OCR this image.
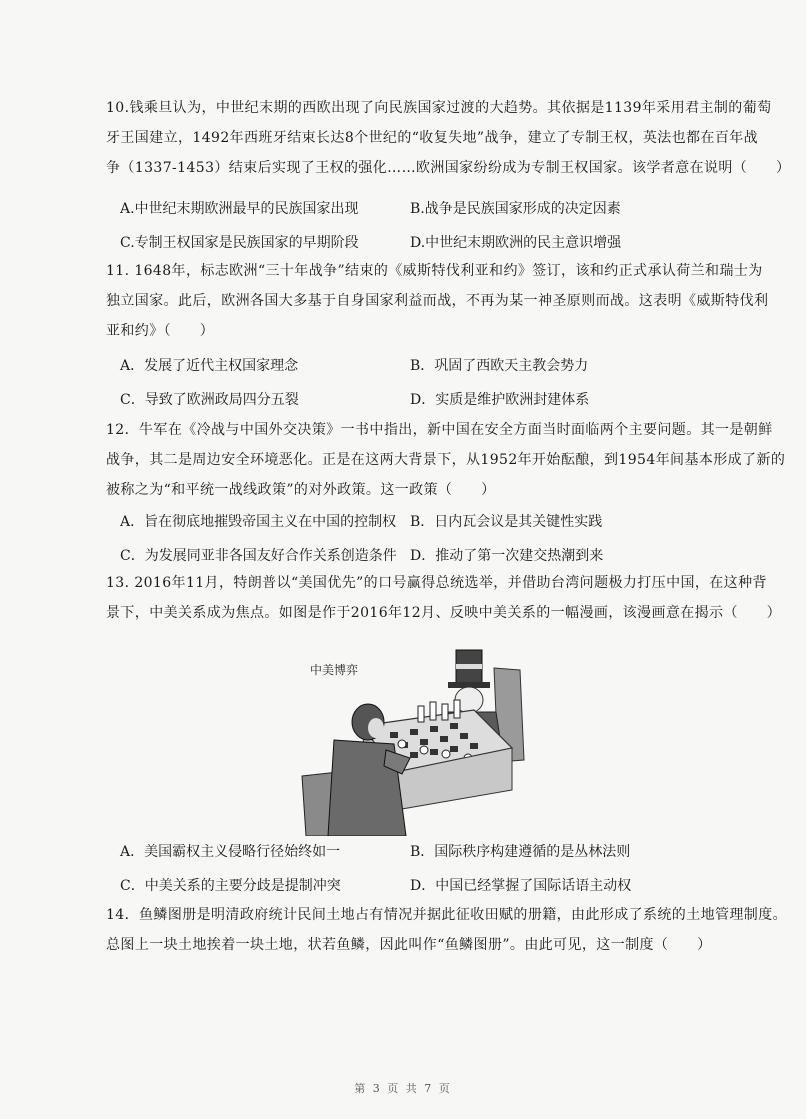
10.钱乘旦认为，中世纪末期的西欧出现了向民族国家过渡的大趋势。其依据是1139年采用君主制的葡萄
牙王国建立，1492年西班牙结束长达8个世纪的“收复失地”战争，建立了专制王权，英法也都在百年战
争（1337-1453）结束后实现了王权的强化……欧洲国家纷纷成为专制王权国家。该学者意在说明（　　）
A.中世纪末期欧洲最早的民族国家出现	B.战争是民族国家形成的决定因素
C.专制王权国家是民族国家的早期阶段	D.中世纪末期欧洲的民主意识增强
11. 1648年，标志欧洲“三十年战争”结束的《威斯特伐利亚和约》签订，该和约正式承认荷兰和瑞士为
独立国家。此后，欧洲各国大多基于自身国家利益而战，不再为某一神圣原则而战。这表明《威斯特伐利
亚和约》（　　）
A．发展了近代主权国家理念	B．巩固了西欧天主教会势力
C．导致了欧洲政局四分五裂	D．实质是维护欧洲封建体系
12．牛军在《冷战与中国外交决策》一书中指出，新中国在安全方面当时面临两个主要问题。其一是朝鲜
战争，其二是周边安全环境恶化。正是在这两大背景下，从1952年开始酝酿，到1954年间基本形成了新的
被称之为“和平统一战线政策”的对外政策。这一政策（　　）
A．旨在彻底地摧毁帝国主义在中国的控制权 B．日内瓦会议是其关键性实践
C．为发展同亚非各国友好合作关系创造条件 D．推动了第一次建交热潮到来
13. 2016年11月，特朗普以“美国优先”的口号赢得总统选举，并借助台湾问题极力打压中国，在这种背
景下，中美关系成为焦点。如图是作于2016年12月、反映中美关系的一幅漫画，该漫画意在揭示（　　）
中美博弈
A．美国霸权主义侵略行径始终如一	B．国际秩序构建遵循的是丛林法则
C．中美关系的主要分歧是提制冲突	D．中国已经掌握了国际话语主动权
14．鱼鳞图册是明清政府统计民间土地占有情况并据此征收田赋的册籍，由此形成了系统的土地管理制度。
总图上一块土地挨着一块土地，状若鱼鳞，因此叫作“鱼鳞图册”。由此可见，这一制度（　　）
第 3 页 共 7 页
